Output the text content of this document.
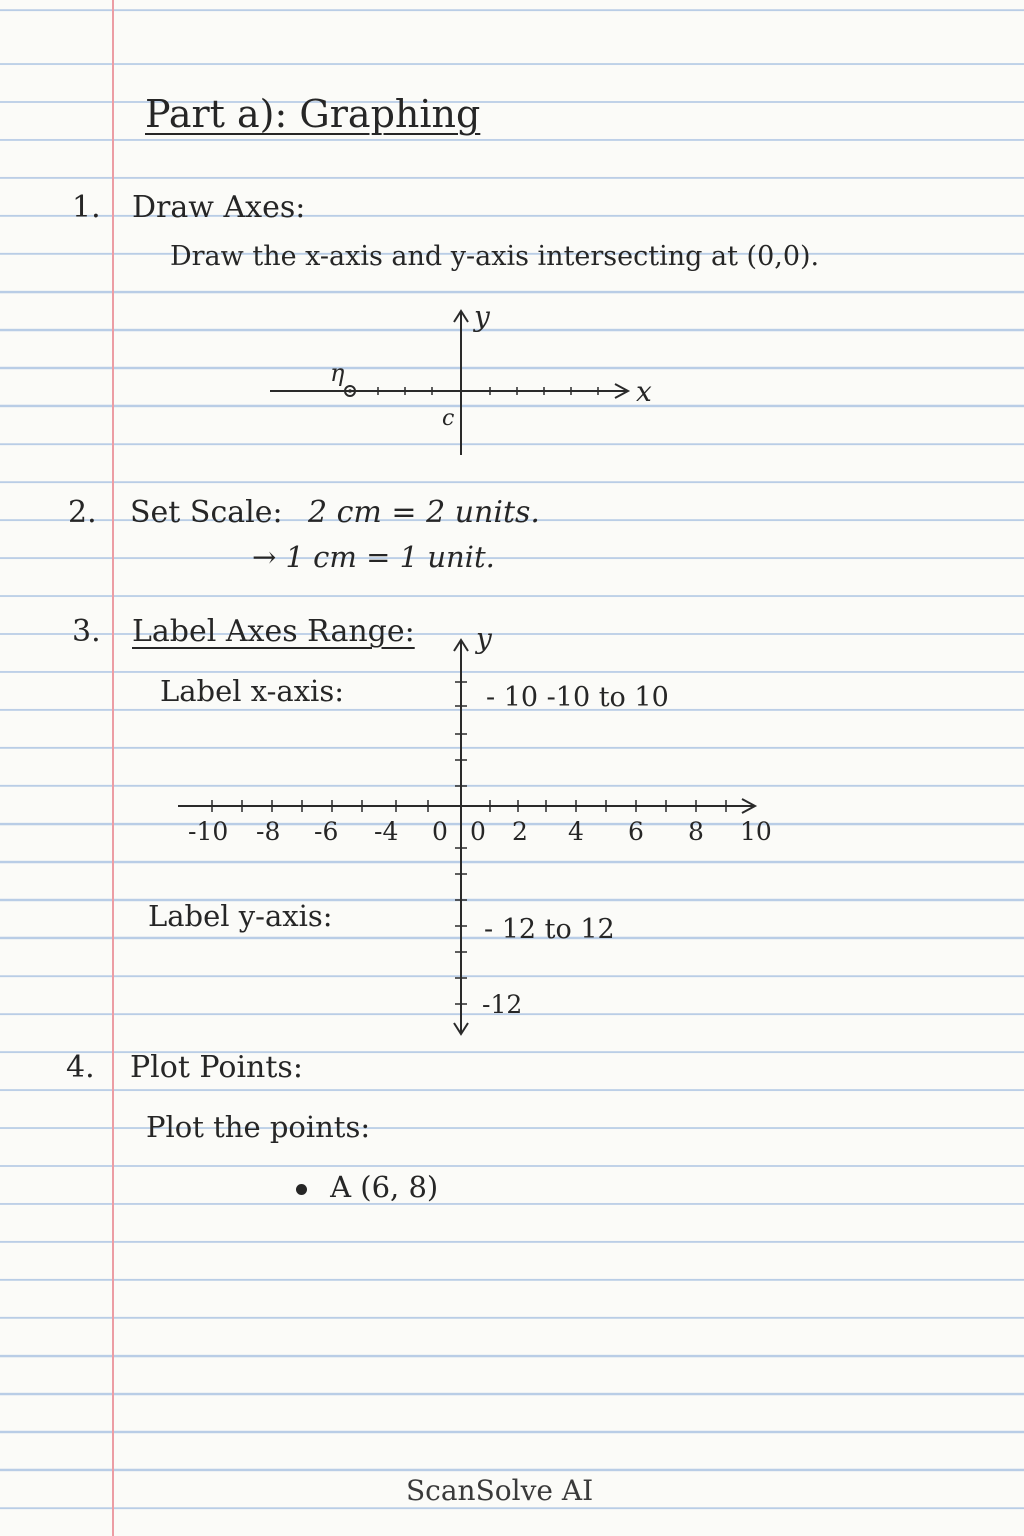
Part a): Graphing
1. Draw Axes:
Draw the x-axis and y-axis intersecting at (0,0).
η
y
x
c
2. Set Scale: 2 cm = 2 units.
→ 1 cm = 1 unit.
3. Label Axes Range:
Label x-axis:
Label y-axis:
-10 -8 -6 -4 0 0 2 4 6 8 10
y
- 10 -10 to 10
- 12 to 12
-12
4. Plot Points:
Plot the points:
A (6, 8)
ScanSolve AI
